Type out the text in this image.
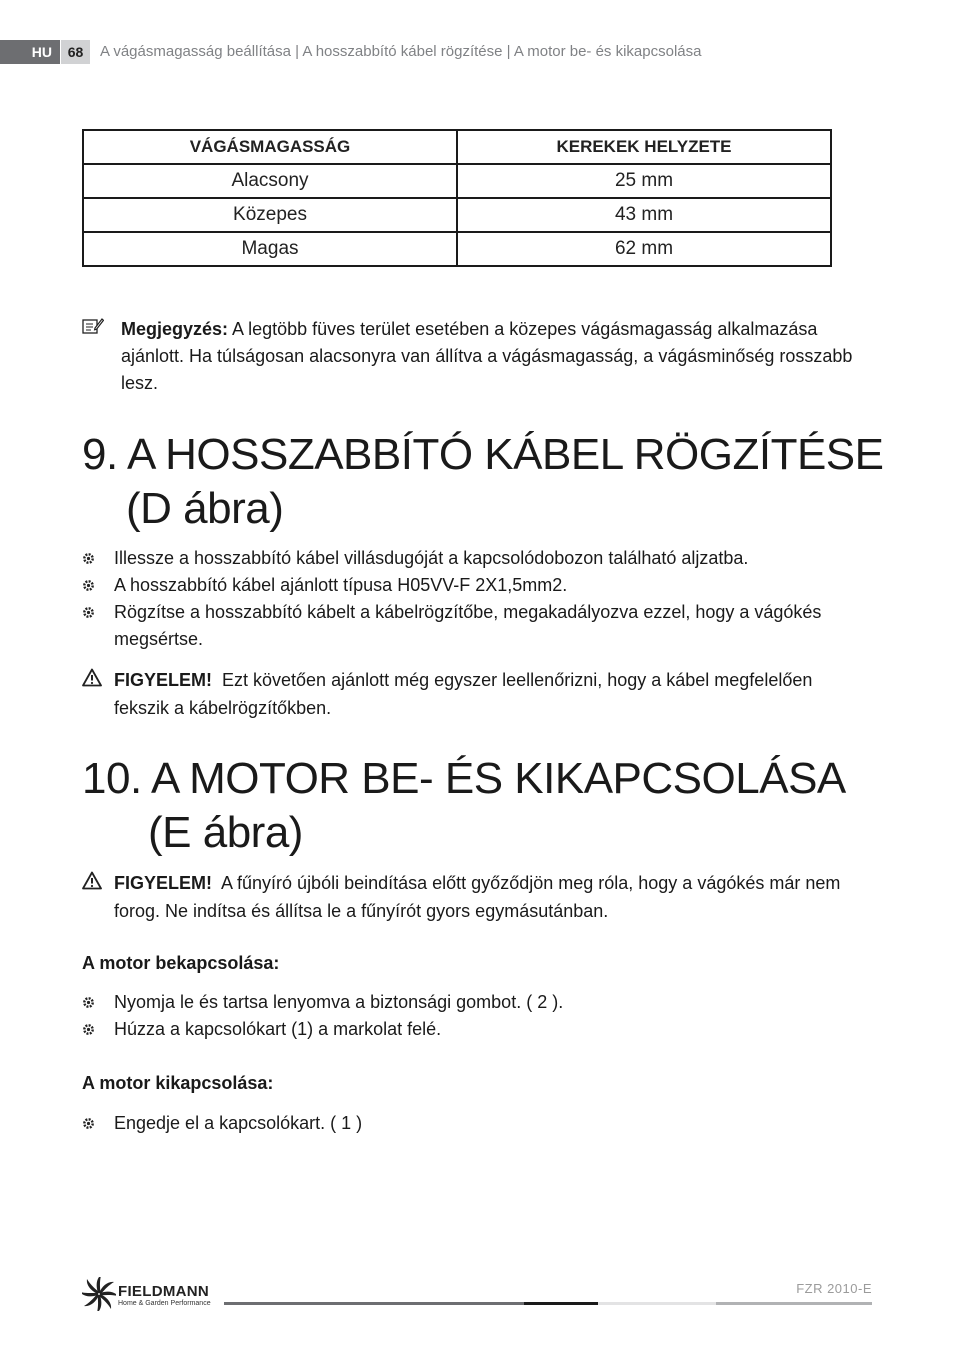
HU	68	A vágásmagasság beállítása | A hosszabbító kábel rögzítése | A motor be- és kikapcsolása
VÁGÁSMAGASSÁG	KEREKEK HELYZETE
Alacsony	25 mm
Közepes	43 mm
Magas	62 mm
Megjegyzés: A legtöbb füves terület esetében a közepes vágásmagasság alkalmazása ajánlott. Ha túlságosan alacsonyra van állítva a vágásmagasság, a vágásminőség rosszabb lesz.
9. A HOSSZABBÍTÓ KÁBEL RÖGZÍTÉSE
(D ábra)
Illessze a hosszabbító kábel villásdugóját a kapcsolódobozon található aljzatba.
A hosszabbító kábel ajánlott típusa H05VV-F 2X1,5mm2.
Rögzítse a hosszabbító kábelt a kábelrögzítőbe, megakadályozva ezzel, hogy a vágókés megsértse.
FIGYELEM!  Ezt követően ajánlott még egyszer leellenőrizni, hogy a kábel megfelelően fekszik a kábelrögzítőkben.
10. A MOTOR BE- ÉS KIKAPCSOLÁSA
(E ábra)
FIGYELEM!  A fűnyíró újbóli beindítása előtt győződjön meg róla, hogy a vágókés már nem forog. Ne indítsa és állítsa le a fűnyírót gyors egymásutánban.
A motor bekapcsolása:
Nyomja le és tartsa lenyomva a biztonsági gombot. ( 2 ).
Húzza a kapcsolókart (1) a markolat felé.
A motor kikapcsolása:
Engedje el a kapcsolókart. ( 1 )
FIELDMANN
Home & Garden Performance
FZR 2010-E
